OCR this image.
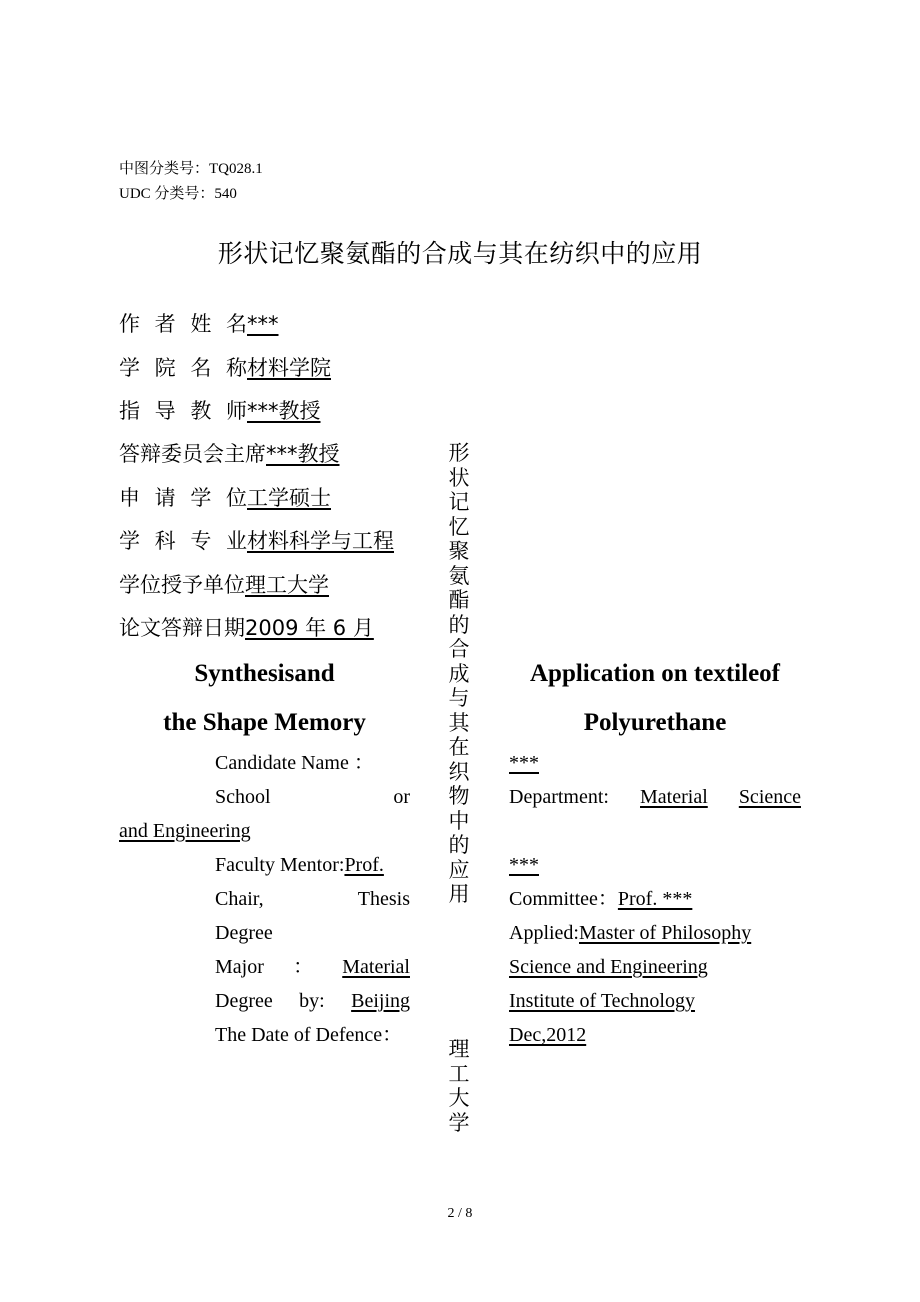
中图分类号：TQ028.1
UDC 分类号：540
形状记忆聚氨酯的合成与其在纺织中的应用
作者姓名***
学院名称材料学院
指导教师***教授
答辩委员会主席***教授
申请学位工学硕士
学科专业材料科学与工程
学位授予单位理工大学
论文答辩日期2009 年 6 月
形状记忆聚氨酯的合成与其在织物中的应用
理工大学
Synthesisand
the Shape Memory
Application on textileof
Polyurethane
Candidate Name ：
School	or
and Engineering
Faculty Mentor:Prof.
Chair,	Thesis
Degree
Major ： Material
Degree by: Beijing
The Date of Defence：
***
Department: Material Science
***
Committee：Prof. ***
Applied:Master of Philosophy
Science and Engineering
Institute of Technology
Dec,2012
2 / 8
